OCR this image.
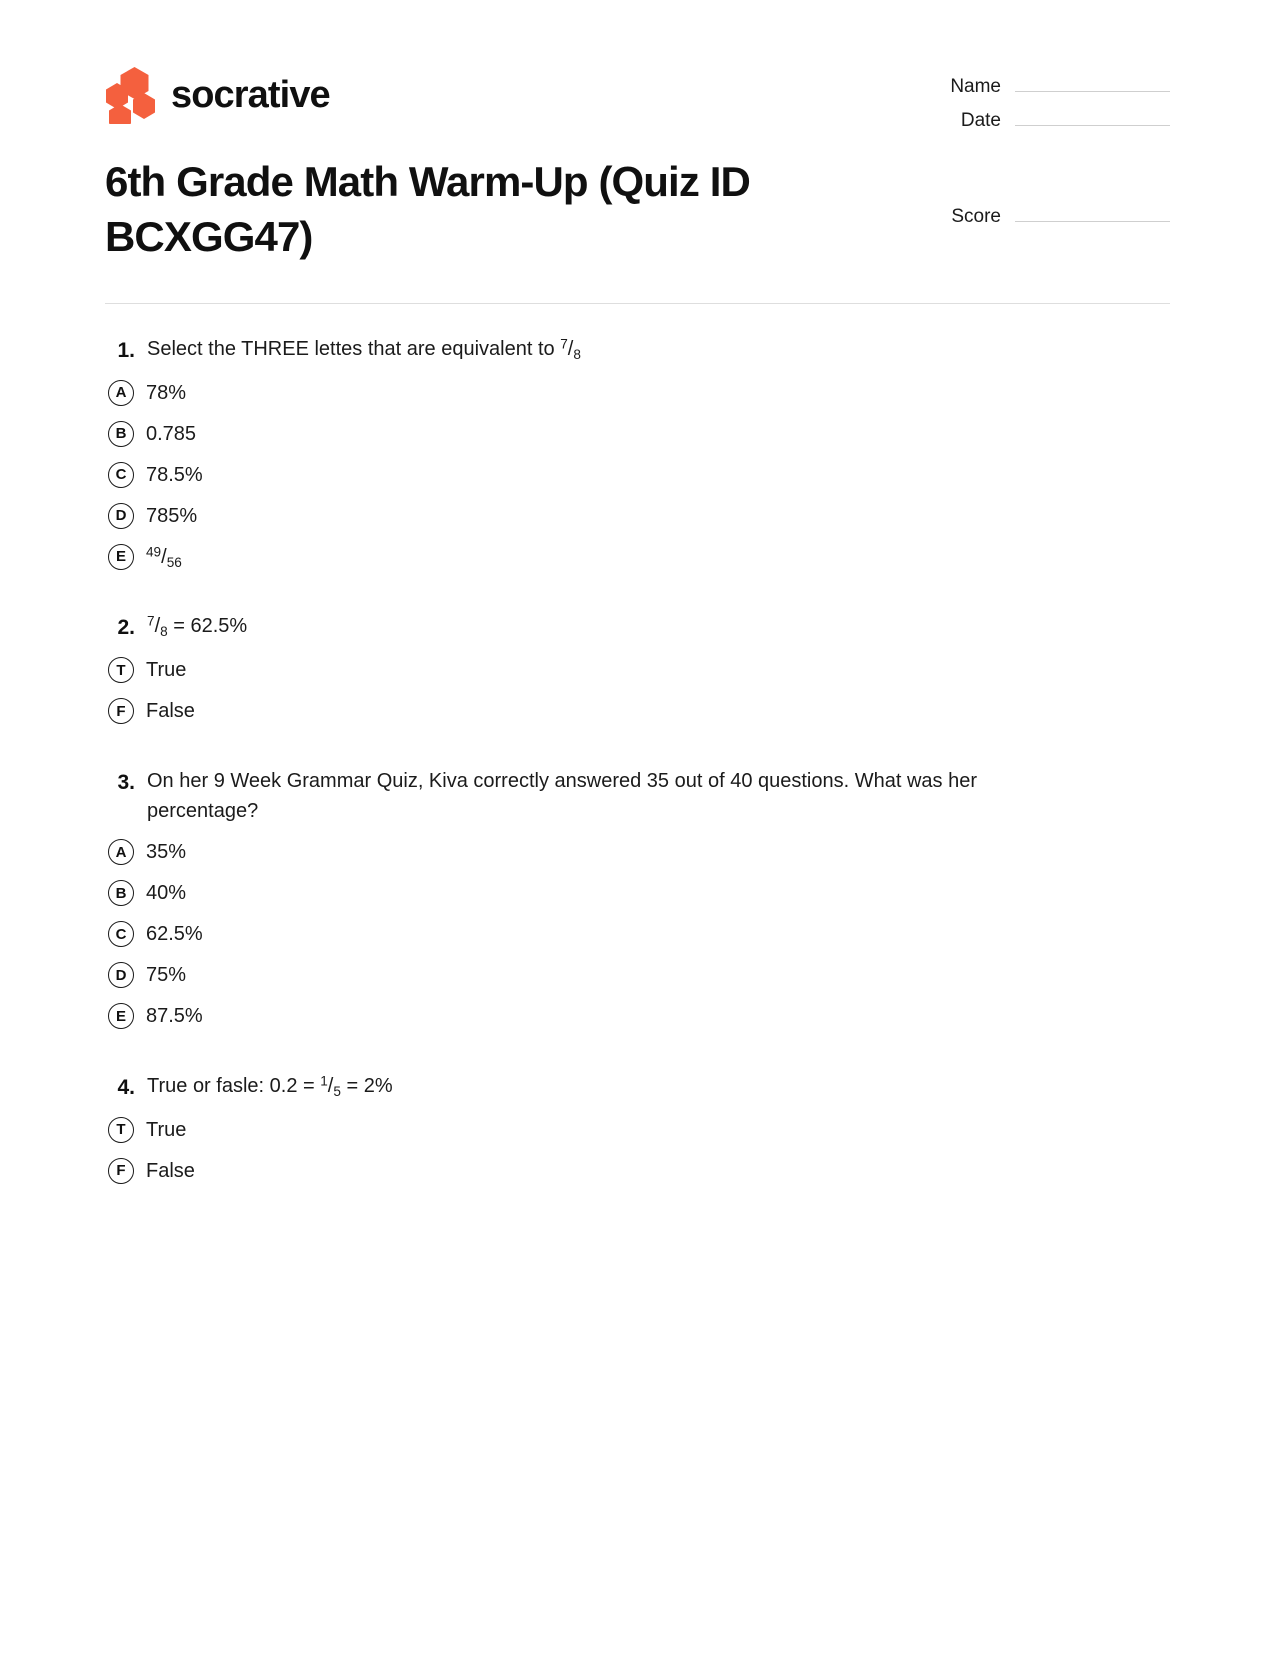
socrative	Name
Date
6th Grade Math Warm-Up (Quiz ID BCXGG47)	Score
1. Select the THREE lettes that are equivalent to $^7/_8$
A 78%
B 0.785
C 78.5%
D 785%
E	$^{49}/_{56}$
2. $^7/_8 = 62.5\%$
T	True
F	False
3. On her 9 Week Grammar Quiz, Kiva correctly answered 35 out of 40 questions. What was her percentage?
A 35%
B 40%
C 62.5%
D 75%
E	87.5%
4. True or fasle: $0.2 = ^1/_5 = 2\%$
T	True
F	False
